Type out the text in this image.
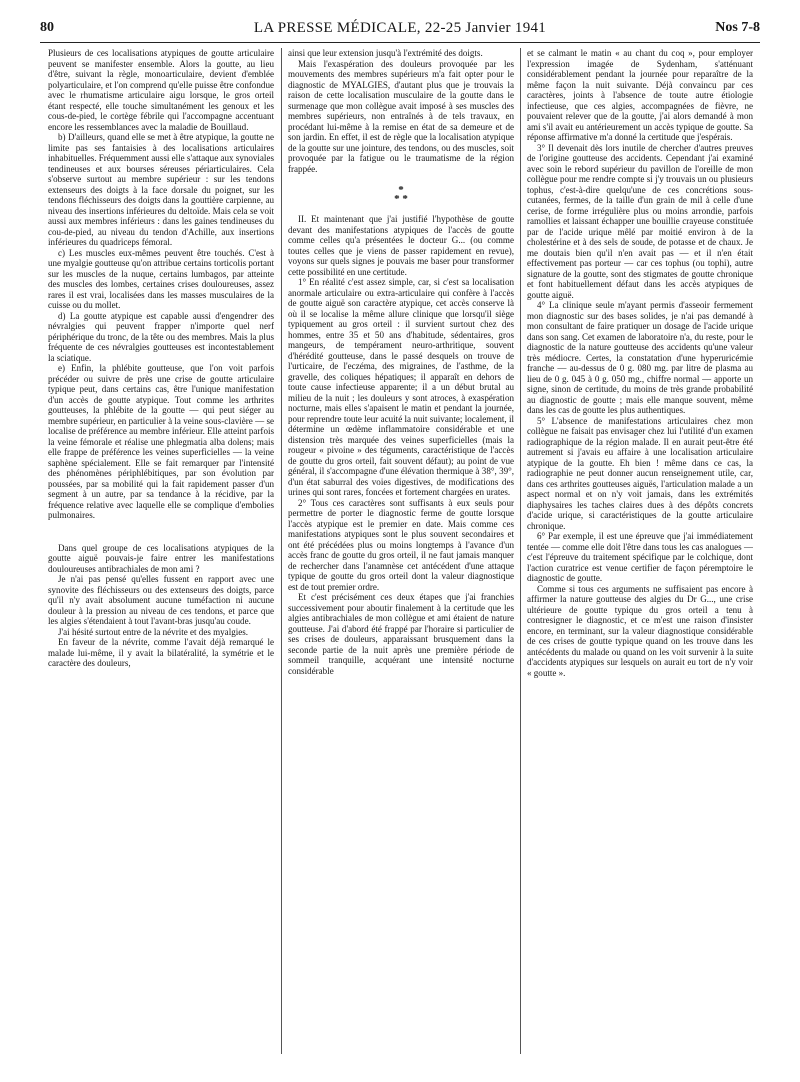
80	LA PRESSE MÉDICALE, 22-25 Janvier 1941	Nos 7-8

Plusieurs de ces localisations atypiques de goutte articulaire peuvent se manifester ensemble. Alors la goutte, au lieu d'être, suivant la règle, monoarticulaire, devient d'emblée polyarticulaire, et l'on comprend qu'elle puisse être confondue avec le rhumatisme articulaire aigu lorsque, le gros orteil étant respecté, elle touche simultanément les genoux et les cous-de-pied, le cortège fébrile qui l'accompagne accentuant encore les ressemblances avec la maladie de Bouillaud.

b) D'ailleurs, quand elle se met à être atypique, la goutte ne limite pas ses fantaisies à des localisations articulaires inhabituelles. Fréquemment aussi elle s'attaque aux synoviales tendineuses et aux bourses séreuses périarticulaires. Cela s'observe surtout au membre supérieur : sur les tendons extenseurs des doigts à la face dorsale du poignet, sur les tendons fléchisseurs des doigts dans la gouttière carpienne, au niveau des insertions inférieures du deltoïde. Mais cela se voit aussi aux membres inférieurs : dans les gaines tendineuses du cou-de-pied, au niveau du tendon d'Achille, aux insertions inférieures du quadriceps fémoral.

c) Les muscles eux-mêmes peuvent être touchés. C'est à une myalgie goutteuse qu'on attribue certains torticolis portant sur les muscles de la nuque, certains lumbagos, par atteinte des muscles des lombes, certaines crises douloureuses, assez rares il est vrai, localisées dans les masses musculaires de la cuisse ou du mollet.

d) La goutte atypique est capable aussi d'engendrer des névralgies qui peuvent frapper n'importe quel nerf périphérique du tronc, de la tête ou des membres. Mais la plus fréquente de ces névralgies goutteuses est incontestablement la sciatique.

e) Enfin, la phlébite goutteuse, que l'on voit parfois précéder ou suivre de près une crise de goutte articulaire typique peut, dans certains cas, être l'unique manifestation d'un accès de goutte atypique. Tout comme les arthrites goutteuses, la phlébite de la goutte — qui peut siéger au membre supérieur, en particulier à la veine sous-clavière — se localise de préférence au membre inférieur. Elle atteint parfois la veine fémorale et réalise une phlegmatia alba dolens; mais elle frappe de préférence les veines superficielles — la veine saphène spécialement. Elle se fait remarquer par l'intensité des phénomènes périphlébitiques, par son évolution par poussées, par sa mobilité qui la fait rapidement passer d'un segment à un autre, par sa tendance à la récidive, par la fréquence relative avec laquelle elle se complique d'embolies pulmonaires.

Dans quel groupe de ces localisations atypiques de la goutte aiguë pouvais-je faire entrer les manifestations douloureuses antibrachiales de mon ami ?

Je n'ai pas pensé qu'elles fussent en rapport avec une synovite des fléchisseurs ou des extenseurs des doigts, parce qu'il n'y avait absolument aucune tuméfaction ni aucune douleur à la pression au niveau de ces tendons, et parce que les algies s'étendaient à tout l'avant-bras jusqu'au coude.

J'ai hésité surtout entre de la névrite et des myalgies.

En faveur de la névrite, comme l'avait déjà remarqué le malade lui-même, il y avait la bilatéralité, la symétrie et le caractère des douleurs,

ainsi que leur extension jusqu'à l'extrémité des doigts.

Mais l'exaspération des douleurs provoquée par les mouvements des membres supérieurs m'a fait opter pour le diagnostic de MYALGIES, d'autant plus que je trouvais la raison de cette localisation musculaire de la goutte dans le surmenage que mon collègue avait imposé à ses muscles des membres supérieurs, non entraînés à de tels travaux, en procédant lui-même à la remise en état de sa demeure et de son jardin. En effet, il est de règle que la localisation atypique de la goutte sur une jointure, des tendons, ou des muscles, soit provoquée par la fatigue ou le traumatisme de la région frappée.

*
* *

II. Et maintenant que j'ai justifié l'hypothèse de goutte devant des manifestations atypiques de l'accès de goutte comme celles qu'a présentées le docteur G... (ou comme toutes celles que je viens de passer rapidement en revue), voyons sur quels signes je pouvais me baser pour transformer cette possibilité en une certitude.

1° En réalité c'est assez simple, car, si c'est sa localisation anormale articulaire ou extra-articulaire qui confère à l'accès de goutte aiguë son caractère atypique, cet accès conserve là où il se localise la même allure clinique que lorsqu'il siège typiquement au gros orteil : il survient surtout chez des hommes, entre 35 et 50 ans d'habitude, sédentaires, gros mangeurs, de tempérament neuro-arthritique, souvent d'hérédité goutteuse, dans le passé desquels on trouve de l'urticaire, de l'eczéma, des migraines, de l'asthme, de la gravelle, des coliques hépatiques; il apparaît en dehors de toute cause infectieuse apparente; il a un début brutal au milieu de la nuit ; les douleurs y sont atroces, à exaspération nocturne, mais elles s'apaisent le matin et pendant la journée, pour reprendre toute leur acuité la nuit suivante; localement, il détermine un œdème inflammatoire considérable et une distension très marquée des veines superficielles (mais la rougeur « pivoine » des téguments, caractéristique de l'accès de goutte du gros orteil, fait souvent défaut); au point de vue général, il s'accompagne d'une élévation thermique à 38°, 39°, d'un état saburral des voies digestives, de modifications des urines qui sont rares, foncées et fortement chargées en urates.

2° Tous ces caractères sont suffisants à eux seuls pour permettre de porter le diagnostic ferme de goutte lorsque l'accès atypique est le premier en date. Mais comme ces manifestations atypiques sont le plus souvent secondaires et ont été précédées plus ou moins longtemps à l'avance d'un accès franc de goutte du gros orteil, il ne faut jamais manquer de rechercher dans l'anamnèse cet antécédent d'une attaque typique de goutte du gros orteil dont la valeur diagnostique est de tout premier ordre.

Et c'est précisément ces deux étapes que j'ai franchies successivement pour aboutir finalement à la certitude que les algies antibrachiales de mon collègue et ami étaient de nature goutteuse. J'ai d'abord été frappé par l'horaire si particulier de ses crises de douleurs, apparaissant brusquement dans la seconde partie de la nuit après une première période de sommeil tranquille, acquérant une intensité nocturne considérable

et se calmant le matin « au chant du coq », pour employer l'expression imagée de Sydenham, s'atténuant considérablement pendant la journée pour reparaître de la même façon la nuit suivante. Déjà convaincu par ces caractères, joints à l'absence de toute autre étiologie infectieuse, que ces algies, accompagnées de fièvre, ne pouvaient relever que de la goutte, j'ai alors demandé à mon ami s'il avait eu antérieurement un accès typique de goutte. Sa réponse affirmative m'a donné la certitude que j'espérais.

3° Il devenait dès lors inutile de chercher d'autres preuves de l'origine goutteuse des accidents. Cependant j'ai examiné avec soin le rebord supérieur du pavillon de l'oreille de mon collègue pour me rendre compte si j'y trouvais un ou plusieurs tophus, c'est-à-dire quelqu'une de ces concrétions sous-cutanées, fermes, de la taille d'un grain de mil à celle d'une cerise, de forme irrégulière plus ou moins arrondie, parfois ramollies et laissant échapper une bouillie crayeuse constituée par de l'acide urique mêlé par moitié environ à de la cholestérine et à des sels de soude, de potasse et de chaux. Je me doutais bien qu'il n'en avait pas — et il n'en était effectivement pas porteur — car ces tophus (ou tophi), autre signature de la goutte, sont des stigmates de goutte chronique et font habituellement défaut dans les accès atypiques de goutte aiguë.

4° La clinique seule m'ayant permis d'asseoir fermement mon diagnostic sur des bases solides, je n'ai pas demandé à mon consultant de faire pratiquer un dosage de l'acide urique dans son sang. Cet examen de laboratoire n'a, du reste, pour le diagnostic de la nature goutteuse des accidents qu'une valeur très médiocre. Certes, la constatation d'une hyperuricémie franche — au-dessus de 0 g. 080 mg. par litre de plasma au lieu de 0 g. 045 à 0 g. 050 mg., chiffre normal — apporte un signe, sinon de certitude, du moins de très grande probabilité au diagnostic de goutte ; mais elle manque souvent, même dans les cas de goutte les plus authentiques.

5° L'absence de manifestations articulaires chez mon collègue ne faisait pas envisager chez lui l'utilité d'un examen radiographique de la région malade. Il en aurait peut-être été autrement si j'avais eu affaire à une localisation articulaire atypique de la goutte. Eh bien ! même dans ce cas, la radiographie ne peut donner aucun renseignement utile, car, dans ces arthrites goutteuses aiguës, l'articulation malade a un aspect normal et on n'y voit jamais, dans les extrémités diaphysaires les taches claires dues à des dépôts concrets d'acide urique, si caractéristiques de la goutte articulaire chronique.

6° Par exemple, il est une épreuve que j'ai immédiatement tentée — comme elle doit l'être dans tous les cas analogues — c'est l'épreuve du traitement spécifique par le colchique, dont l'action curatrice est venue certifier de façon péremptoire le diagnostic de goutte.

Comme si tous ces arguments ne suffisaient pas encore à affirmer la nature goutteuse des algies du Dr G..., une crise ultérieure de goutte typique du gros orteil a tenu à contresigner le diagnostic, et ce m'est une raison d'insister encore, en terminant, sur la valeur diagnostique considérable de ces crises de goutte typique quand on les trouve dans les antécédents du malade ou quand on les voit survenir à la suite d'accidents atypiques sur lesquels on aurait eu tort de n'y voir « goutte ».
